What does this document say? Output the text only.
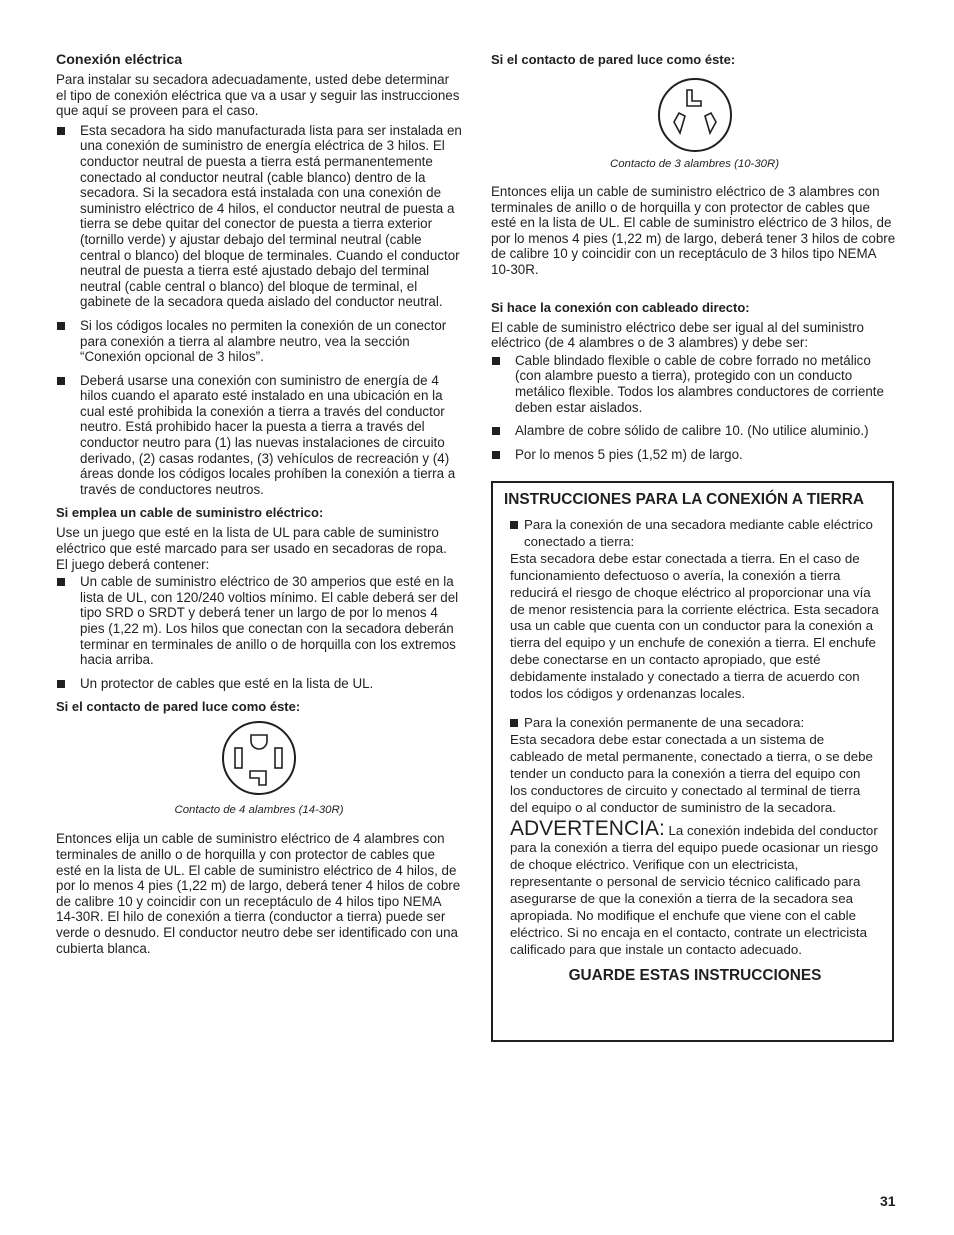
Conexión eléctrica

Para instalar su secadora adecuadamente, usted debe determinar el tipo de conexión eléctrica que va a usar y seguir las instrucciones que aquí se proveen para el caso.

Esta secadora ha sido manufacturada lista para ser instalada en una conexión de suministro de energía eléctrica de 3 hilos. El conductor neutral de puesta a tierra está permanentemente conectado al conductor neutral (cable blanco) dentro de la secadora. Si la secadora está instalada con una conexión de suministro eléctrico de 4 hilos, el conductor neutral de puesta a tierra se debe quitar del conector de puesta a tierra exterior (tornillo verde) y ajustar debajo del terminal neutral (cable central o blanco) del bloque de terminales. Cuando el conductor neutral de puesta a tierra esté ajustado debajo del terminal neutral (cable central o blanco) del bloque de terminal, el gabinete de la secadora queda aislado del conductor neutral.
Si los códigos locales no permiten la conexión de un conector para conexión a tierra al alambre neutro, vea la sección “Conexión opcional de 3 hilos”.
Deberá usarse una conexión con suministro de energía de 4 hilos cuando el aparato esté instalado en una ubicación en la cual esté prohibida la conexión a tierra a través del conductor neutro. Está prohibido hacer la puesta a tierra a través del conductor neutro para (1) las nuevas instalaciones de circuito derivado, (2) casas rodantes, (3) vehículos de recreación y (4) áreas donde los códigos locales prohíben la conexión a tierra a través de conductores neutros.

Si emplea un cable de suministro eléctrico:

Use un juego que esté en la lista de UL para cable de suministro eléctrico que esté marcado para ser usado en secadoras de ropa. El juego deberá contener:

Un cable de suministro eléctrico de 30 amperios que esté en la lista de UL, con 120/240 voltios mínimo. El cable deberá ser del tipo SRD o SRDT y deberá tener un largo de por lo menos 4 pies (1,22 m). Los hilos que conectan con la secadora deberán terminar en terminales de anillo o de horquilla con los extremos hacia arriba.
Un protector de cables que esté en la lista de UL.

Si el contacto de pared luce como éste:

Contacto de 4 alambres (14-30R)

Entonces elija un cable de suministro eléctrico de 4 alambres con terminales de anillo o de horquilla y con protector de cables que esté en la lista de UL. El cable de suministro eléctrico de 4 hilos, de por lo menos 4 pies (1,22 m) de largo, deberá tener 4 hilos de cobre de calibre 10 y coincidir con un receptáculo de 4 hilos tipo NEMA 14-30R. El hilo de conexión a tierra (conductor a tierra) puede ser verde o desnudo. El conductor neutro debe ser identificado con una cubierta blanca.

Si el contacto de pared luce como éste:

Contacto de 3 alambres (10-30R)

Entonces elija un cable de suministro eléctrico de 3 alambres con terminales de anillo o de horquilla y con protector de cables que esté en la lista de UL. El cable de suministro eléctrico de 3 hilos, de por lo menos 4 pies (1,22 m) de largo, deberá tener 3 hilos de cobre de calibre 10 y coincidir con un receptáculo de 3 hilos tipo NEMA 10-30R.

Si hace la conexión con cableado directo:

El cable de suministro eléctrico debe ser igual al del suministro eléctrico (de 4 alambres o de 3 alambres) y debe ser:

Cable blindado flexible o cable de cobre forrado no metálico (con alambre puesto a tierra), protegido con un conducto metálico flexible. Todos los alambres conductores de corriente deben estar aislados.
Alambre de cobre sólido de calibre 10. (No utilice aluminio.)
Por lo menos 5 pies (1,52 m) de largo.

INSTRUCCIONES PARA LA CONEXIÓN A TIERRA

Para la conexión de una secadora mediante cable eléctrico conectado a tierra:

Esta secadora debe estar conectada a tierra. En el caso de funcionamiento defectuoso o avería, la conexión a tierra reducirá el riesgo de choque eléctrico al proporcionar una vía de menor resistencia para la corriente eléctrica. Esta secadora usa un cable que cuenta con un conductor para la conexión a tierra del equipo y un enchufe de conexión a tierra. El enchufe debe conectarse en un contacto apropiado, que esté debidamente instalado y conectado a tierra de acuerdo con todos los códigos y ordenanzas locales.

Para la conexión permanente de una secadora:

Esta secadora debe estar conectada a un sistema de cableado de metal permanente, conectado a tierra, o se debe tender un conducto para la conexión a tierra del equipo con los conductores de circuito y conectado al terminal de tierra del equipo o al conductor de suministro de la secadora.

ADVERTENCIA: La conexión indebida del conductor para la conexión a tierra del equipo puede ocasionar un riesgo de choque eléctrico. Verifique con un electricista, representante o personal de servicio técnico calificado para asegurarse de que la conexión a tierra de la secadora sea apropiada. No modifique el enchufe que viene con el cable eléctrico. Si no encaja en el contacto, contrate un electricista calificado para que instale un contacto adecuado.

GUARDE ESTAS INSTRUCCIONES

31
